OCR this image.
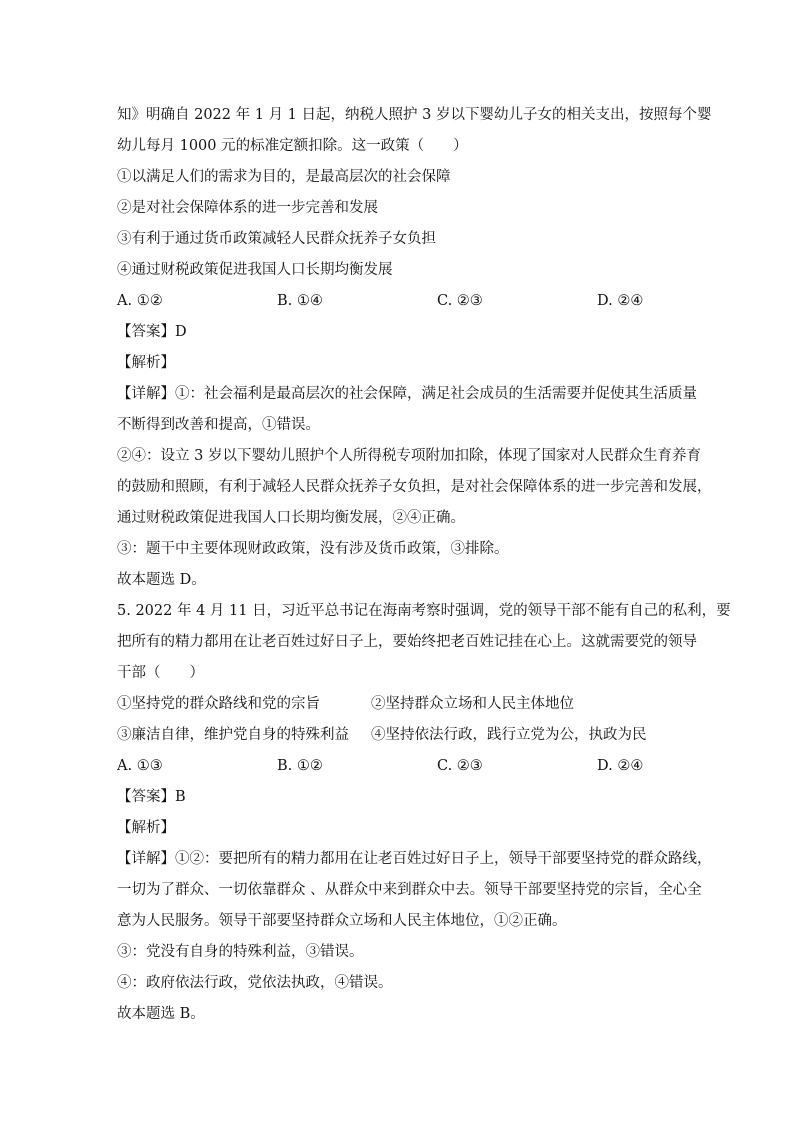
知》明确自 2022 年 1 月 1 日起，纳税人照护 3 岁以下婴幼儿子女的相关支出，按照每个婴
幼儿每月 1000 元的标准定额扣除。这一政策（　　）
①以满足人们的需求为目的，是最高层次的社会保障
②是对社会保障体系的进一步完善和发展
③有利于通过货币政策减轻人民群众抚养子女负担
④通过财税政策促进我国人口长期均衡发展
A. ①②	B. ①④	C. ②③	D. ②④
【答案】D
【解析】
【详解】①：社会福利是最高层次的社会保障，满足社会成员的生活需要并促使其生活质量
不断得到改善和提高，①错误。
②④：设立 3 岁以下婴幼儿照护个人所得税专项附加扣除，体现了国家对人民群众生育养育
的鼓励和照顾，有利于减轻人民群众抚养子女负担，是对社会保障体系的进一步完善和发展，
通过财税政策促进我国人口长期均衡发展，②④正确。
③：题干中主要体现财政政策，没有涉及货币政策，③排除。
故本题选 D。
5. 2022 年 4 月 11 日，习近平总书记在海南考察时强调，党的领导干部不能有自己的私利，要
把所有的精力都用在让老百姓过好日子上，要始终把老百姓记挂在心上。这就需要党的领导
干部（　　）
①坚持党的群众路线和党的宗旨	②坚持群众立场和人民主体地位
③廉洁自律，维护党自身的特殊利益	④坚持依法行政，践行立党为公，执政为民
A. ①③	B. ①②	C. ②③	D. ②④
【答案】B
【解析】
【详解】①②：要把所有的精力都用在让老百姓过好日子上，领导干部要坚持党的群众路线，
一切为了群众、一切依靠群众 、从群众中来到群众中去。领导干部要坚持党的宗旨，全心全
意为人民服务。领导干部要坚持群众立场和人民主体地位，①②正确。
③：党没有自身的特殊利益，③错误。
④：政府依法行政，党依法执政，④错误。
故本题选 B。
